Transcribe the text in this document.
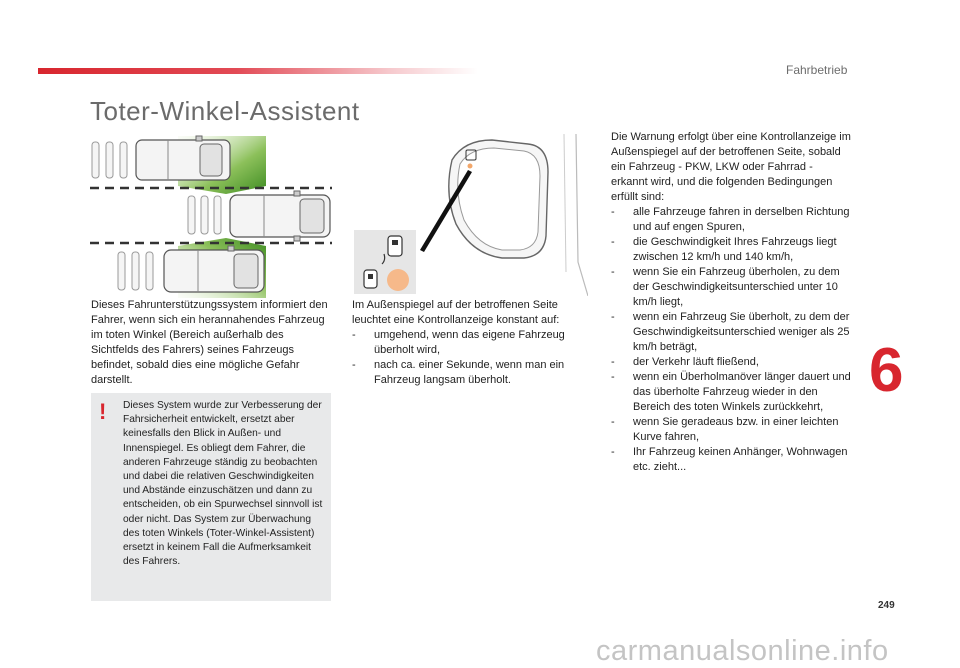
Fahrbetrieb
Toter-Winkel-Assistent

Dieses Fahrunterstützungssystem informiert den Fahrer, wenn sich ein herannahendes Fahrzeug im toten Winkel (Bereich außerhalb des Sichtfelds des Fahrers) seines Fahrzeugs befindet, sobald dies eine mögliche Gefahr darstellt.

! Dieses System wurde zur Verbesserung der Fahrsicherheit entwickelt, ersetzt aber keinesfalls den Blick in Außen- und Innenspiegel. Es obliegt dem Fahrer, die anderen Fahrzeuge ständig zu beobachten und dabei die relativen Geschwindigkeiten und Abstände einzuschätzen und dann zu entscheiden, ob ein Spurwechsel sinnvoll ist oder nicht. Das System zur Überwachung des toten Winkels (Toter-Winkel-Assistent) ersetzt in keinem Fall die Aufmerksamkeit des Fahrers.

Im Außenspiegel auf der betroffenen Seite leuchtet eine Kontrollanzeige konstant auf:

- umgehend, wenn das eigene Fahrzeug überholt wird,
- nach ca. einer Sekunde, wenn man ein Fahrzeug langsam überholt.

Die Warnung erfolgt über eine Kontrollanzeige im Außenspiegel auf der betroffenen Seite, sobald ein Fahrzeug - PKW, LKW oder Fahrrad - erkannt wird, und die folgenden Bedingungen erfüllt sind:

- alle Fahrzeuge fahren in derselben Richtung und auf engen Spuren,
- die Geschwindigkeit Ihres Fahrzeugs liegt zwischen 12 km/h und 140 km/h,
- wenn Sie ein Fahrzeug überholen, zu dem der Geschwindigkeitsunterschied unter 10 km/h liegt,
- wenn ein Fahrzeug Sie überholt, zu dem der Geschwindigkeitsunterschied weniger als 25 km/h beträgt,
- der Verkehr läuft fließend,
- wenn ein Überholmanöver länger dauert und das überholte Fahrzeug wieder in den Bereich des toten Winkels zurückkehrt,
- wenn Sie geradeaus bzw. in einer leichten Kurve fahren,
- Ihr Fahrzeug keinen Anhänger, Wohnwagen etc. zieht...
6
249
carmanualsonline.info
